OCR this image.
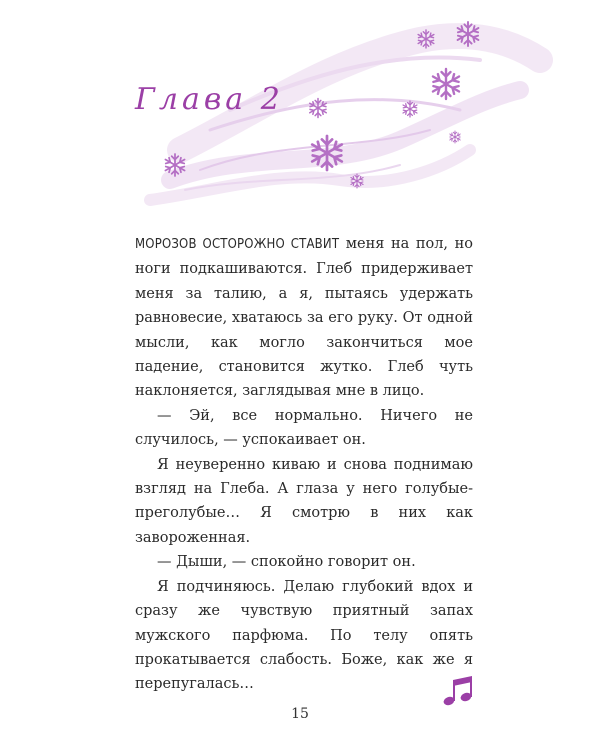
Глава 2

МОРОЗОВ ОСТОРОЖНО СТАВИТ меня на пол, но ноги подкашиваются. Глеб придерживает меня за талию, а я, пытаясь удержать равновесие, хватаюсь за его руку. От одной мысли, как могло закончиться мое падение, становится жутко. Глеб чуть наклоняется, заглядывая мне в лицо.

— Эй, все нормально. Ничего не случилось, — успокаивает он.

Я неуверенно киваю и снова поднимаю взгляд на Глеба. А глаза у него голубые-преголубые… Я смотрю в них как завороженная.

— Дыши, — спокойно говорит он.

Я подчиняюсь. Делаю глубокий вдох и сразу же чувствую приятный запах мужского парфюма. По телу опять прокатывается слабость. Боже, как же я перепугалась…

15
